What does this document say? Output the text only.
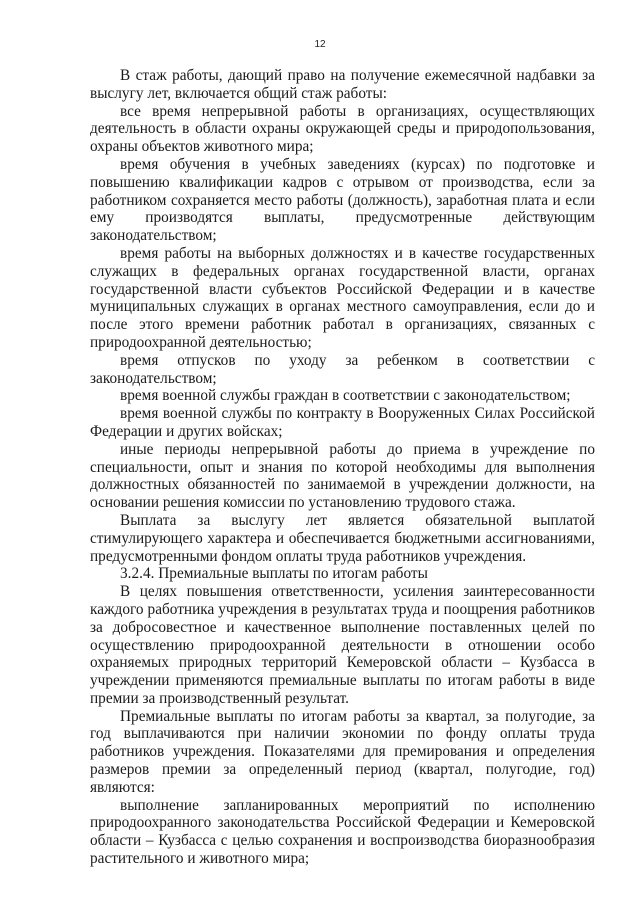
12

В стаж работы, дающий право на получение ежемесячной надбавки за выслугу лет, включается общий стаж работы:

все время непрерывной работы в организациях, осуществляющих деятельность в области охраны окружающей среды и природопользования, охраны объектов животного мира;

время обучения в учебных заведениях (курсах) по подготовке и повышению квалификации кадров с отрывом от производства, если за работником сохраняется место работы (должность), заработная плата и если ему производятся выплаты, предусмотренные действующим законодательством;

время работы на выборных должностях и в качестве государственных служащих в федеральных органах государственной власти, органах государственной власти субъектов Российской Федерации и в качестве муниципальных служащих в органах местного самоуправления, если до и после этого времени работник работал в организациях, связанных с природоохранной деятельностью;

время отпусков по уходу за ребенком в соответствии с законодательством;

время военной службы граждан в соответствии с законодательством;

время военной службы по контракту в Вооруженных Силах Российской Федерации и других войсках;

иные периоды непрерывной работы до приема в учреждение по специальности, опыт и знания по которой необходимы для выполнения должностных обязанностей по занимаемой в учреждении должности, на основании решения комиссии по установлению трудового стажа.

Выплата за выслугу лет является обязательной выплатой стимулирующего характера и обеспечивается бюджетными ассигнованиями, предусмотренными фондом оплаты труда работников учреждения.

3.2.4. Премиальные выплаты по итогам работы

В целях повышения ответственности, усиления заинтересованности каждого работника учреждения в результатах труда и поощрения работников за добросовестное и качественное выполнение поставленных целей по осуществлению природоохранной деятельности в отношении особо охраняемых природных территорий Кемеровской области – Кузбасса в учреждении применяются премиальные выплаты по итогам работы в виде премии за производственный результат.

Премиальные выплаты по итогам работы за квартал, за полугодие, за год выплачиваются при наличии экономии по фонду оплаты труда работников учреждения. Показателями для премирования и определения размеров премии за определенный период (квартал, полугодие, год) являются:

выполнение запланированных мероприятий по исполнению природоохранного законодательства Российской Федерации и Кемеровской области – Кузбасса с целью сохранения и воспроизводства биоразнообразия растительного и животного мира;
